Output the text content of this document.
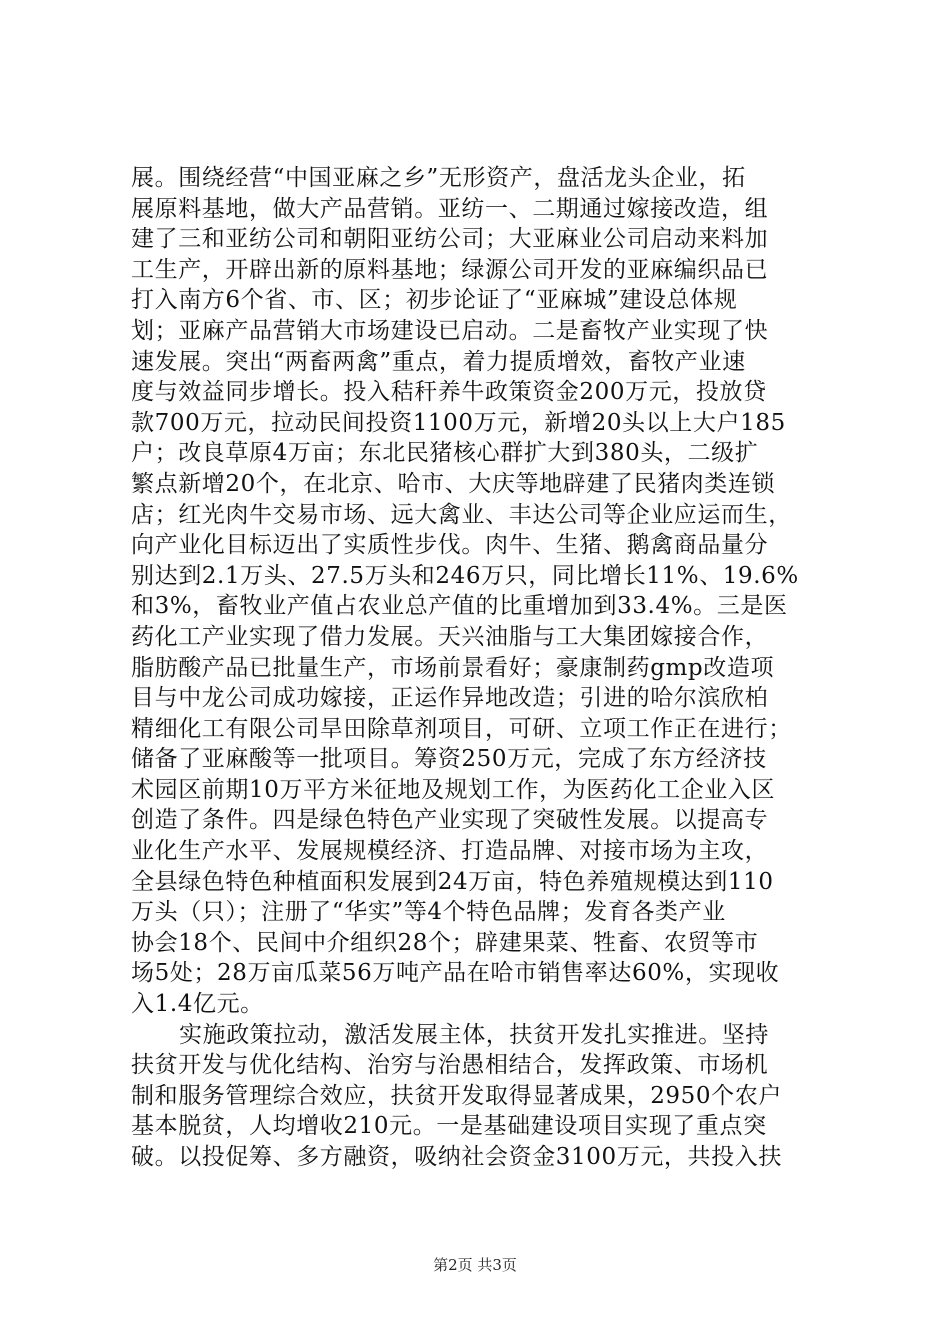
展。围绕经营“中国亚麻之乡”无形资产，盘活龙头企业，拓
展原料基地，做大产品营销。亚纺一、二期通过嫁接改造，组
建了三和亚纺公司和朝阳亚纺公司；大亚麻业公司启动来料加
工生产，开辟出新的原料基地；绿源公司开发的亚麻编织品已
打入南方6个省、市、区；初步论证了“亚麻城”建设总体规
划；亚麻产品营销大市场建设已启动。二是畜牧产业实现了快
速发展。突出“两畜两禽”重点，着力提质增效，畜牧产业速
度与效益同步增长。投入秸秆养牛政策资金200万元，投放贷
款700万元，拉动民间投资1100万元，新增20头以上大户185
户；改良草原4万亩；东北民猪核心群扩大到380头，二级扩
繁点新增20个，在北京、哈市、大庆等地辟建了民猪肉类连锁
店；红光肉牛交易市场、远大禽业、丰达公司等企业应运而生，
向产业化目标迈出了实质性步伐。肉牛、生猪、鹅禽商品量分
别达到2.1万头、27.5万头和246万只，同比增长11%、19.6%
和3%，畜牧业产值占农业总产值的比重增加到33.4%。三是医
药化工产业实现了借力发展。天兴油脂与工大集团嫁接合作，
脂肪酸产品已批量生产，市场前景看好；豪康制药gmp改造项
目与中龙公司成功嫁接，正运作异地改造；引进的哈尔滨欣柏
精细化工有限公司旱田除草剂项目，可研、立项工作正在进行；
储备了亚麻酸等一批项目。筹资250万元，完成了东方经济技
术园区前期10万平方米征地及规划工作，为医药化工企业入区
创造了条件。四是绿色特色产业实现了突破性发展。以提高专
业化生产水平、发展规模经济、打造品牌、对接市场为主攻，
全县绿色特色种植面积发展到24万亩，特色养殖规模达到110
万头（只）；注册了“华实”等4个特色品牌；发育各类产业
协会18个、民间中介组织28个；辟建果菜、牲畜、农贸等市
场5处；28万亩瓜菜56万吨产品在哈市销售率达60%，实现收
入1.4亿元。
实施政策拉动，激活发展主体，扶贫开发扎实推进。坚持
扶贫开发与优化结构、治穷与治愚相结合，发挥政策、市场机
制和服务管理综合效应，扶贫开发取得显著成果，2950个农户
基本脱贫，人均增收210元。一是基础建设项目实现了重点突
破。以投促筹、多方融资，吸纳社会资金3100万元，共投入扶
第2页 共3页
